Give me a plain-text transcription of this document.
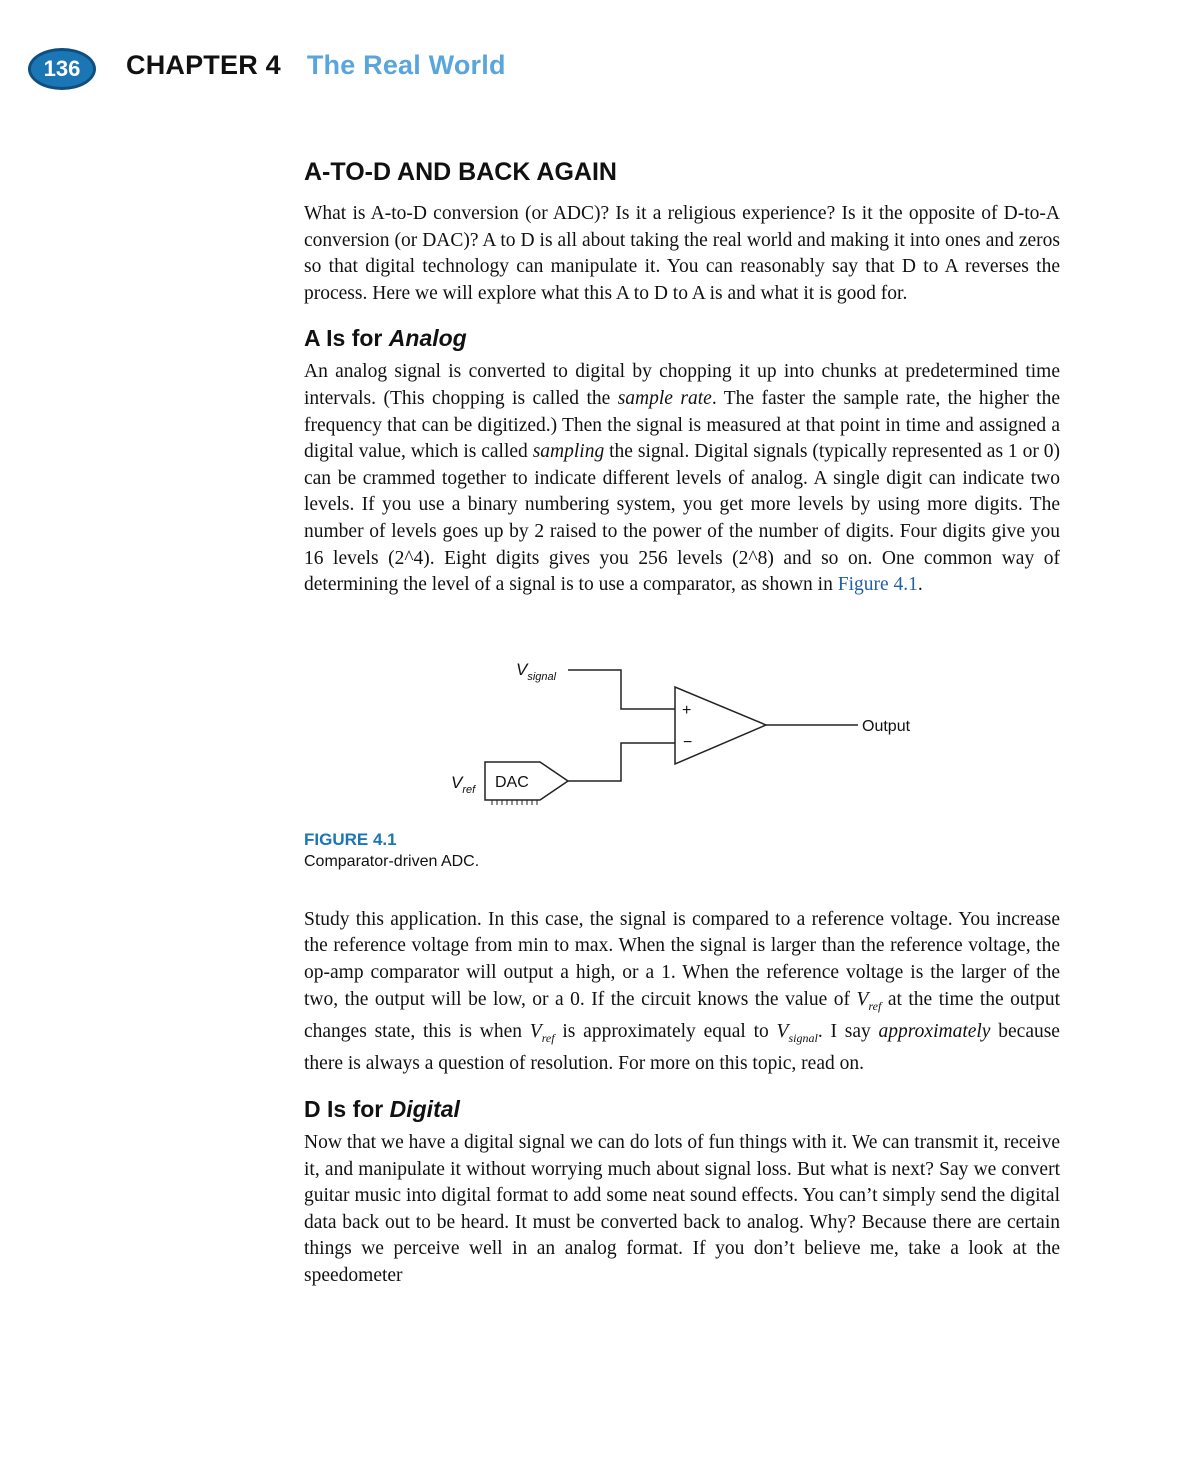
136 CHAPTER 4 The Real World
A-TO-D AND BACK AGAIN

What is A-to-D conversion (or ADC)? Is it a religious experience? Is it the opposite of D-to-A conversion (or DAC)? A to D is all about taking the real world and making it into ones and zeros so that digital technology can manipulate it. You can reasonably say that D to A reverses the process. Here we will explore what this A to D to A is and what it is good for.

A Is for Analog

An analog signal is converted to digital by chopping it up into chunks at predetermined time intervals. (This chopping is called the sample rate. The faster the sample rate, the higher the frequency that can be digitized.) Then the signal is measured at that point in time and assigned a digital value, which is called sampling the signal. Digital signals (typically represented as 1 or 0) can be crammed together to indicate different levels of analog. A single digit can indicate two levels. If you use a binary numbering system, you get more levels by using more digits. The number of levels goes up by 2 raised to the power of the number of digits. Four digits give you 16 levels (2^4). Eight digits gives you 256 levels (2^8) and so on. One common way of determining the level of a signal is to use a comparator, as shown in Figure 4.1.

$V_{signal}$
+
−
Output
$V_{ref}$ DAC
FIGURE 4.1
Comparator-driven ADC.

Study this application. In this case, the signal is compared to a reference voltage. You increase the reference voltage from min to max. When the signal is larger than the reference voltage, the op-amp comparator will output a high, or a 1. When the reference voltage is the larger of the two, the output will be low, or a 0. If the circuit knows the value of $V_{ref}$ at the time the output changes state, this is when $V_{ref}$ is approximately equal to $V_{signal}$. I say approximately because there is always a question of resolution. For more on this topic, read on.

D Is for Digital

Now that we have a digital signal we can do lots of fun things with it. We can transmit it, receive it, and manipulate it without worrying much about signal loss. But what is next? Say we convert guitar music into digital format to add some neat sound effects. You can’t simply send the digital data back out to be heard. It must be converted back to analog. Why? Because there are certain things we perceive well in an analog format. If you don’t believe me, take a look at the speedometer
